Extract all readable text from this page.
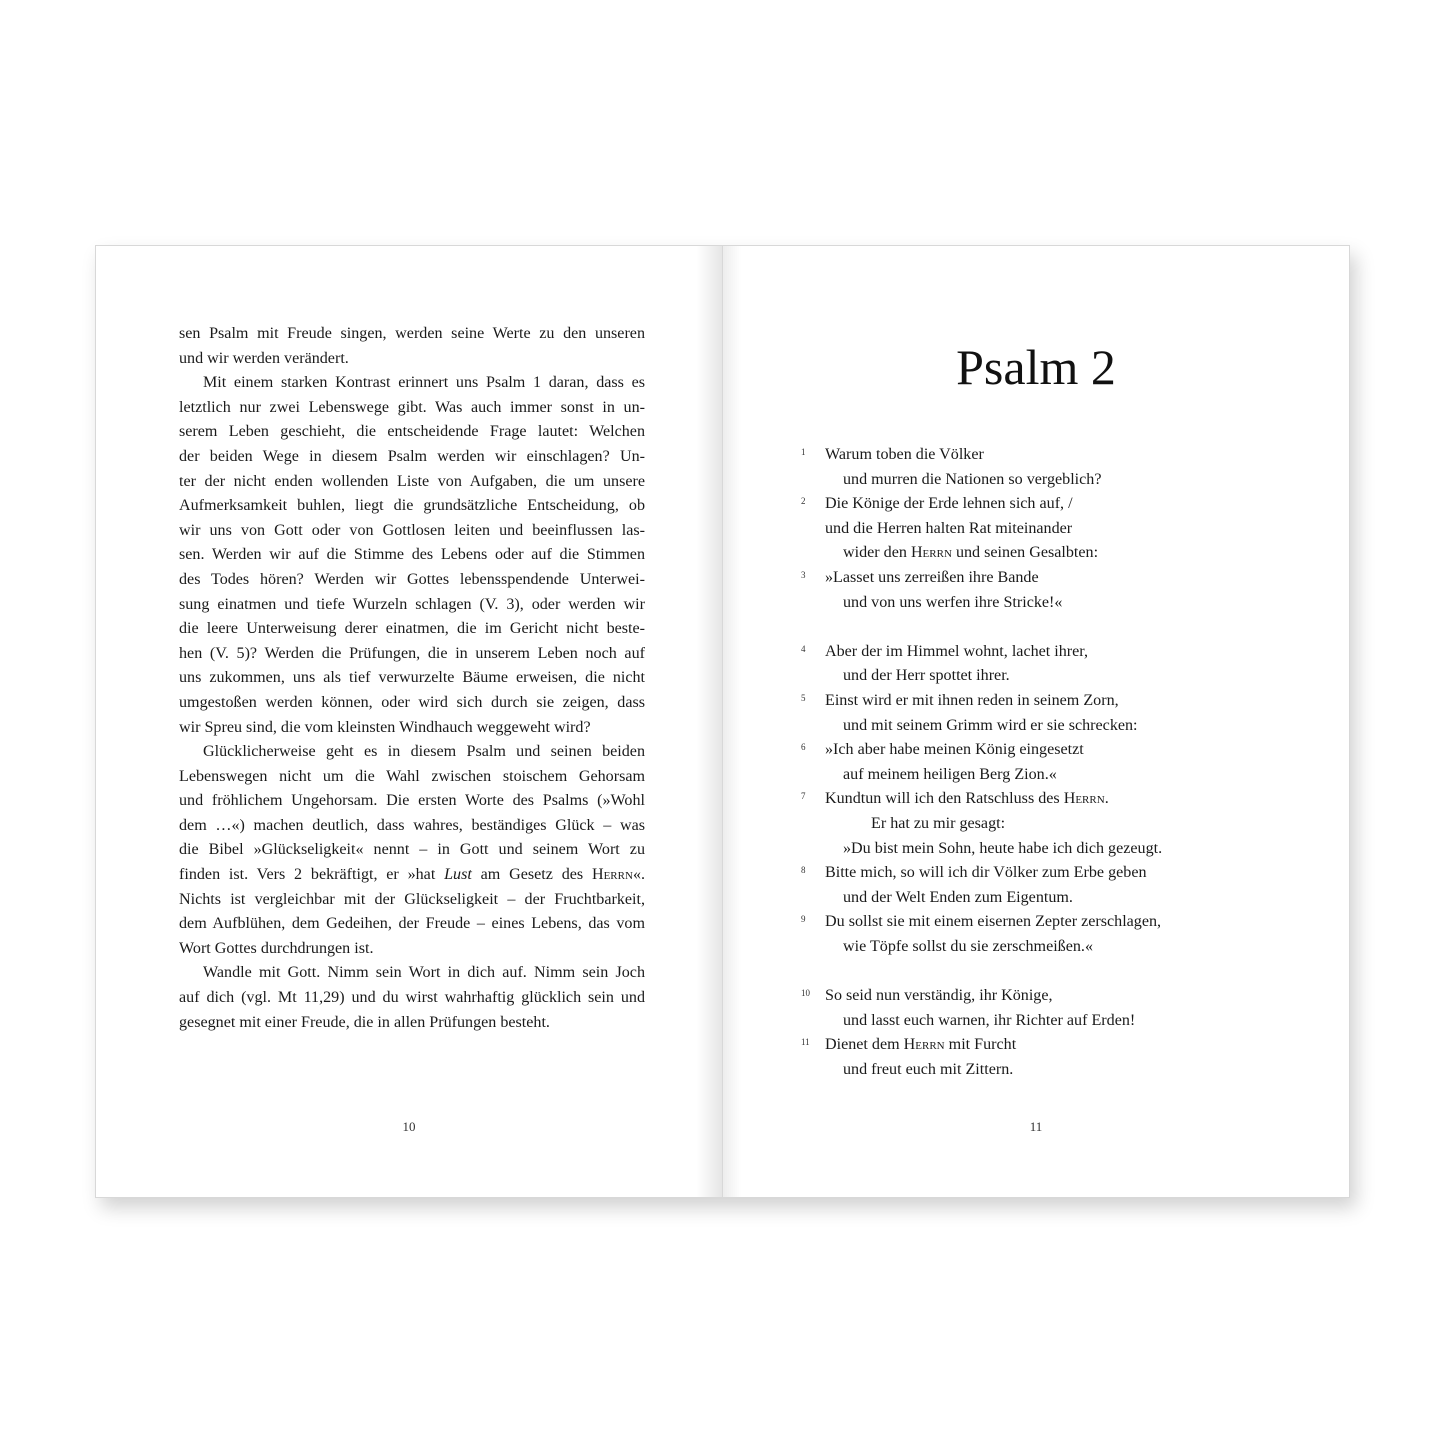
sen Psalm mit Freude singen, werden seine Werte zu den unseren
und wir werden verändert.
Mit einem starken Kontrast erinnert uns Psalm 1 daran, dass es
letztlich nur zwei Lebenswege gibt. Was auch immer sonst in un-
serem Leben geschieht, die entscheidende Frage lautet: Welchen
der beiden Wege in diesem Psalm werden wir einschlagen? Un-
ter der nicht enden wollenden Liste von Aufgaben, die um unsere
Aufmerksamkeit buhlen, liegt die grundsätzliche Entscheidung, ob
wir uns von Gott oder von Gottlosen leiten und beeinflussen las-
sen. Werden wir auf die Stimme des Lebens oder auf die Stimmen
des Todes hören? Werden wir Gottes lebensspendende Unterwei-
sung einatmen und tiefe Wurzeln schlagen (V. 3), oder werden wir
die leere Unterweisung derer einatmen, die im Gericht nicht beste-
hen (V. 5)? Werden die Prüfungen, die in unserem Leben noch auf
uns zukommen, uns als tief verwurzelte Bäume erweisen, die nicht
umgestoßen werden können, oder wird sich durch sie zeigen, dass
wir Spreu sind, die vom kleinsten Windhauch weggeweht wird?
Glücklicherweise geht es in diesem Psalm und seinen beiden
Lebenswegen nicht um die Wahl zwischen stoischem Gehorsam
und fröhlichem Ungehorsam. Die ersten Worte des Psalms (»Wohl
dem …«) machen deutlich, dass wahres, beständiges Glück – was
die Bibel »Glückseligkeit« nennt – in Gott und seinem Wort zu
finden ist. Vers 2 bekräftigt, er »hat Lust am Gesetz des Herrn«.
Nichts ist vergleichbar mit der Glückseligkeit – der Fruchtbarkeit,
dem Aufblühen, dem Gedeihen, der Freude – eines Lebens, das vom
Wort Gottes durchdrungen ist.
Wandle mit Gott. Nimm sein Wort in dich auf. Nimm sein Joch
auf dich (vgl. Mt 11,29) und du wirst wahrhaftig glücklich sein und
gesegnet mit einer Freude, die in allen Prüfungen besteht.
10
Psalm 2
1 Warum toben die Völker
und murren die Nationen so vergeblich?
2 Die Könige der Erde lehnen sich auf, /
und die Herren halten Rat miteinander
wider den Herrn und seinen Gesalbten:
3 »Lasset uns zerreißen ihre Bande
und von uns werfen ihre Stricke!«
4 Aber der im Himmel wohnt, lachet ihrer,
und der Herr spottet ihrer.
5 Einst wird er mit ihnen reden in seinem Zorn,
und mit seinem Grimm wird er sie schrecken:
6 »Ich aber habe meinen König eingesetzt
auf meinem heiligen Berg Zion.«
7 Kundtun will ich den Ratschluss des Herrn.
Er hat zu mir gesagt:
»Du bist mein Sohn, heute habe ich dich gezeugt.
8 Bitte mich, so will ich dir Völker zum Erbe geben
und der Welt Enden zum Eigentum.
9 Du sollst sie mit einem eisernen Zepter zerschlagen,
wie Töpfe sollst du sie zerschmeißen.«
10 So seid nun verständig, ihr Könige,
und lasst euch warnen, ihr Richter auf Erden!
11 Dienet dem Herrn mit Furcht
und freut euch mit Zittern.
11
